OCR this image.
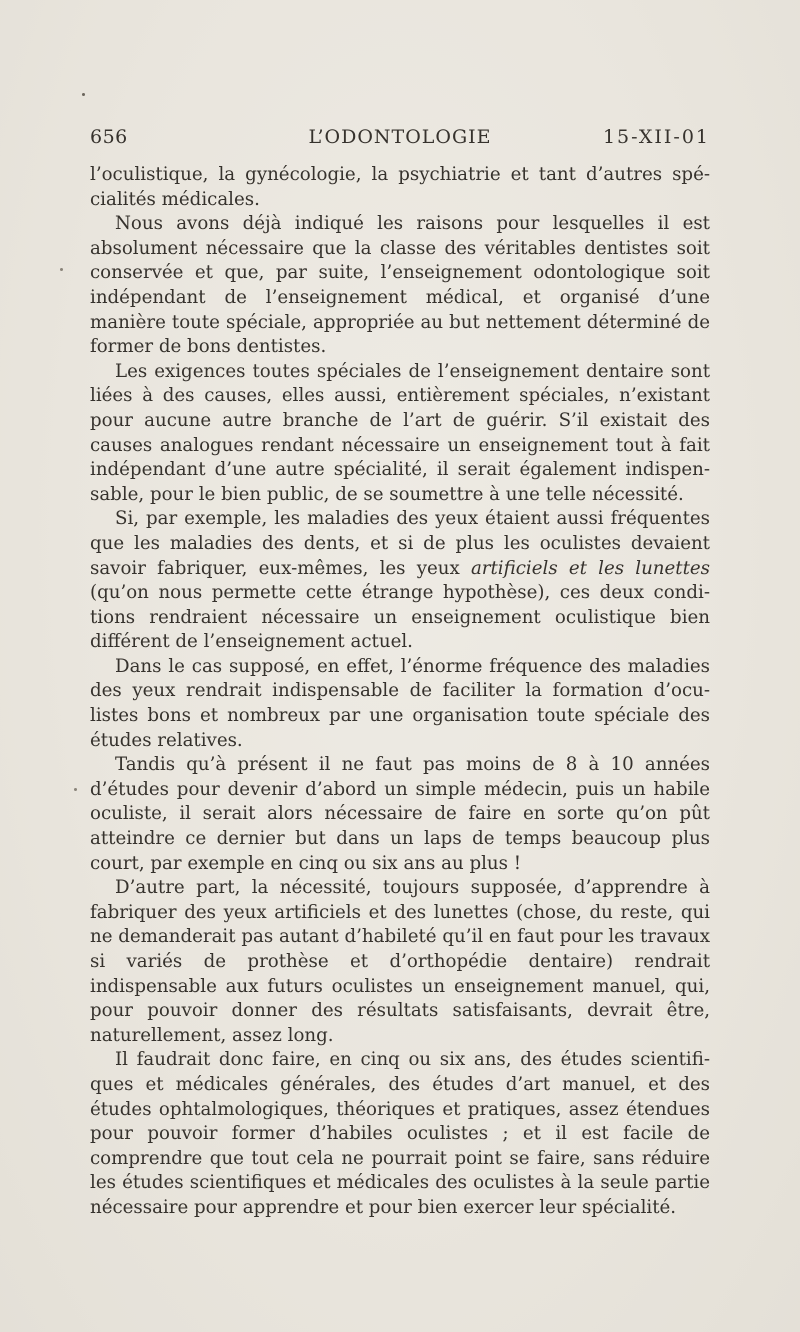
656	L’ODONTOLOGIE	15-XII-01

l’oculistique, la gynécologie, la psychiatrie et tant d’autres spécialités médicales.

Nous avons déjà indiqué les raisons pour lesquelles il est absolument nécessaire que la classe des véritables dentistes soit conservée et que, par suite, l’enseignement odontologique soit indépendant de l’enseignement médical, et organisé d’une manière toute spéciale, appropriée au but nettement déterminé de former de bons dentistes.

Les exigences toutes spéciales de l’enseignement dentaire sont liées à des causes, elles aussi, entièrement spéciales, n’existant pour aucune autre branche de l’art de guérir. S’il existait des causes analogues rendant nécessaire un enseignement tout à fait indépendant d’une autre spécialité, il serait également indispensable, pour le bien public, de se soumettre à une telle nécessité.

Si, par exemple, les maladies des yeux étaient aussi fréquentes que les maladies des dents, et si de plus les oculistes devaient savoir fabriquer, eux-mêmes, les yeux artificiels et les lunettes (qu’on nous permette cette étrange hypothèse), ces deux conditions rendraient nécessaire un enseignement oculistique bien différent de l’enseignement actuel.

Dans le cas supposé, en effet, l’énorme fréquence des maladies des yeux rendrait indispensable de faciliter la formation d’oculistes bons et nombreux par une organisation toute spéciale des études relatives.

Tandis qu’à présent il ne faut pas moins de 8 à 10 années d’études pour devenir d’abord un simple médecin, puis un habile oculiste, il serait alors nécessaire de faire en sorte qu’on pût atteindre ce dernier but dans un laps de temps beaucoup plus court, par exemple en cinq ou six ans au plus !

D’autre part, la nécessité, toujours supposée, d’apprendre à fabriquer des yeux artificiels et des lunettes (chose, du reste, qui ne demanderait pas autant d’habileté qu’il en faut pour les travaux si variés de prothèse et d’orthopédie dentaire) rendrait indispensable aux futurs oculistes un enseignement manuel, qui, pour pouvoir donner des résultats satisfaisants, devrait être, naturellement, assez long.

Il faudrait donc faire, en cinq ou six ans, des études scientifiques et médicales générales, des études d’art manuel, et des études ophtalmologiques, théoriques et pratiques, assez étendues pour pouvoir former d’habiles oculistes ; et il est facile de comprendre que tout cela ne pourrait point se faire, sans réduire les études scientifiques et médicales des oculistes à la seule partie nécessaire pour apprendre et pour bien exercer leur spécialité.
